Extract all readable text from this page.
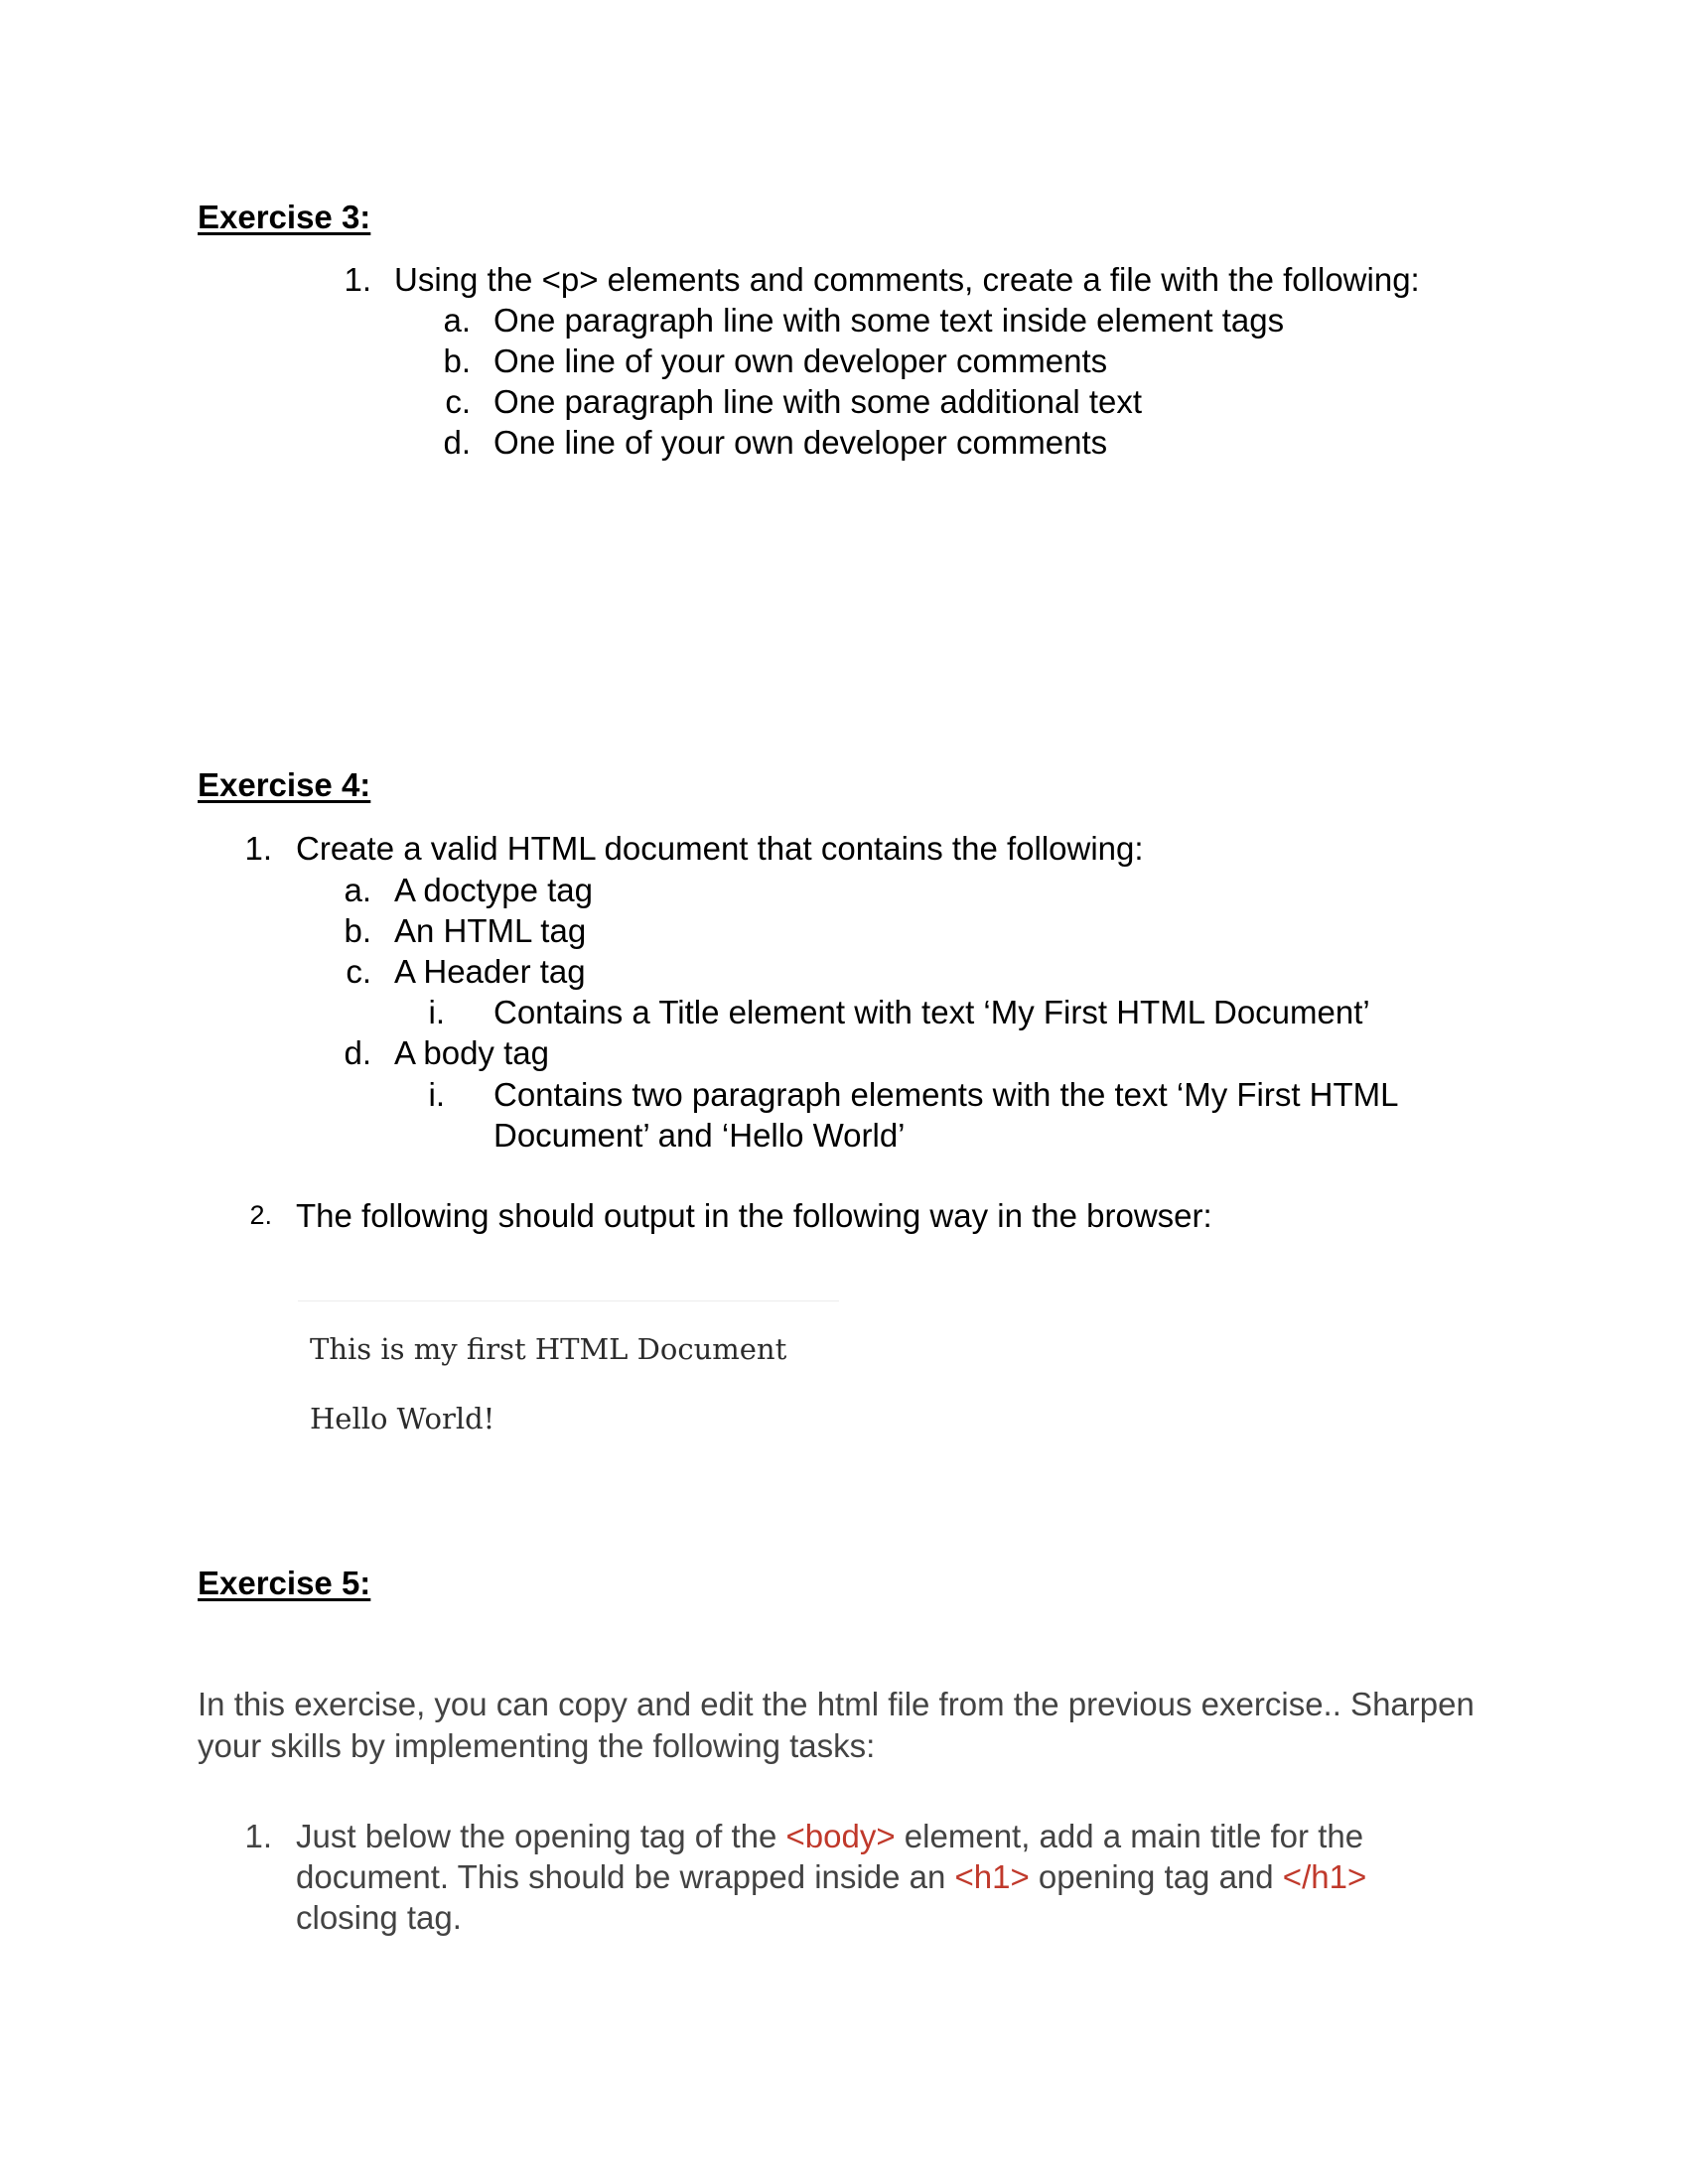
Exercise 3:
1. Using the <p> elements and comments, create a file with the following:
a. One paragraph line with some text inside element tags
b. One line of your own developer comments
c. One paragraph line with some additional text
d. One line of your own developer comments
Exercise 4:
1. Create a valid HTML document that contains the following:
a. A doctype tag
b. An HTML tag
c. A Header tag
i. Contains a Title element with text ‘My First HTML Document’
d. A body tag
i. Contains two paragraph elements with the text ‘My First HTML
Document’ and ‘Hello World’
2. The following should output in the following way in the browser:
This is my first HTML Document
Hello World!
Exercise 5:
In this exercise, you can copy and edit the html file from the previous exercise.. Sharpen
your skills by implementing the following tasks:
1. Just below the opening tag of the <body> element, add a main title for the
document. This should be wrapped inside an <h1> opening tag and </h1>
closing tag.
